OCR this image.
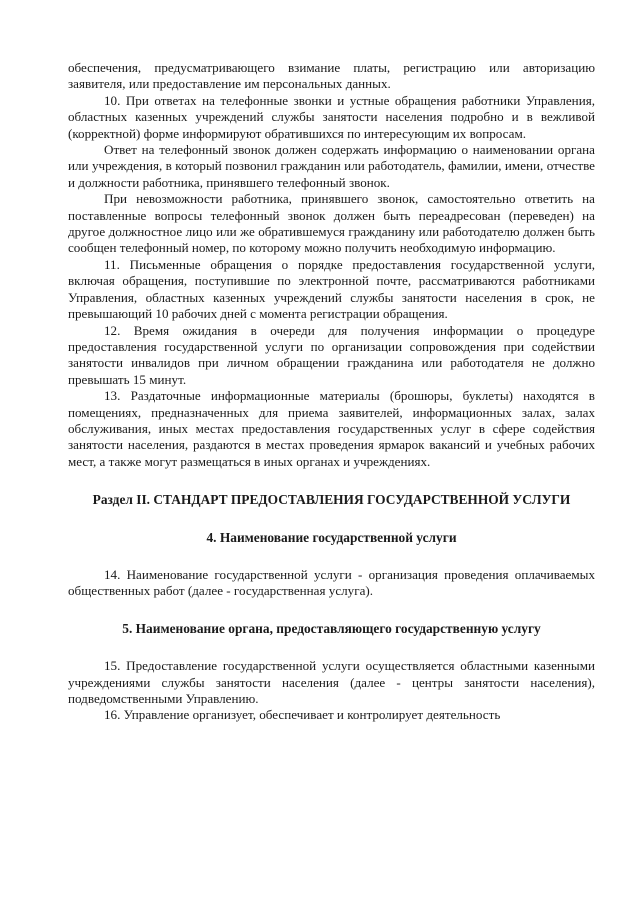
обеспечения, предусматривающего взимание платы, регистрацию или авторизацию заявителя, или предоставление им персональных данных.

10. При ответах на телефонные звонки и устные обращения работники Управления, областных казенных учреждений службы занятости населения подробно и в вежливой (корректной) форме информируют обратившихся по интересующим их вопросам.

Ответ на телефонный звонок должен содержать информацию о наименовании органа или учреждения, в который позвонил гражданин или работодатель, фамилии, имени, отчестве и должности работника, принявшего телефонный звонок.

При невозможности работника, принявшего звонок, самостоятельно ответить на поставленные вопросы телефонный звонок должен быть переадресован (переведен) на другое должностное лицо или же обратившемуся гражданину или работодателю должен быть сообщен телефонный номер, по которому можно получить необходимую информацию.

11. Письменные обращения о порядке предоставления государственной услуги, включая обращения, поступившие по электронной почте, рассматриваются работниками Управления, областных казенных учреждений службы занятости населения в срок, не превышающий 10 рабочих дней с момента регистрации обращения.

12. Время ожидания в очереди для получения информации о процедуре предоставления государственной услуги по организации сопровождения при содействии занятости инвалидов при личном обращении гражданина или работодателя не должно превышать 15 минут.

13. Раздаточные информационные материалы (брошюры, буклеты) находятся в помещениях, предназначенных для приема заявителей, информационных залах, залах обслуживания, иных местах предоставления государственных услуг в сфере содействия занятости населения, раздаются в местах проведения ярмарок вакансий и учебных рабочих мест, а также могут размещаться в иных органах и учреждениях.

Раздел II. СТАНДАРТ ПРЕДОСТАВЛЕНИЯ ГОСУДАРСТВЕННОЙ УСЛУГИ
4. Наименование государственной услуги

14. Наименование государственной услуги - организация проведения оплачиваемых общественных работ (далее - государственная услуга).

5. Наименование органа, предоставляющего государственную услугу

15. Предоставление государственной услуги осуществляется областными казенными учреждениями службы занятости населения (далее - центры занятости населения), подведомственными Управлению.

16. Управление организует, обеспечивает и контролирует деятельность
